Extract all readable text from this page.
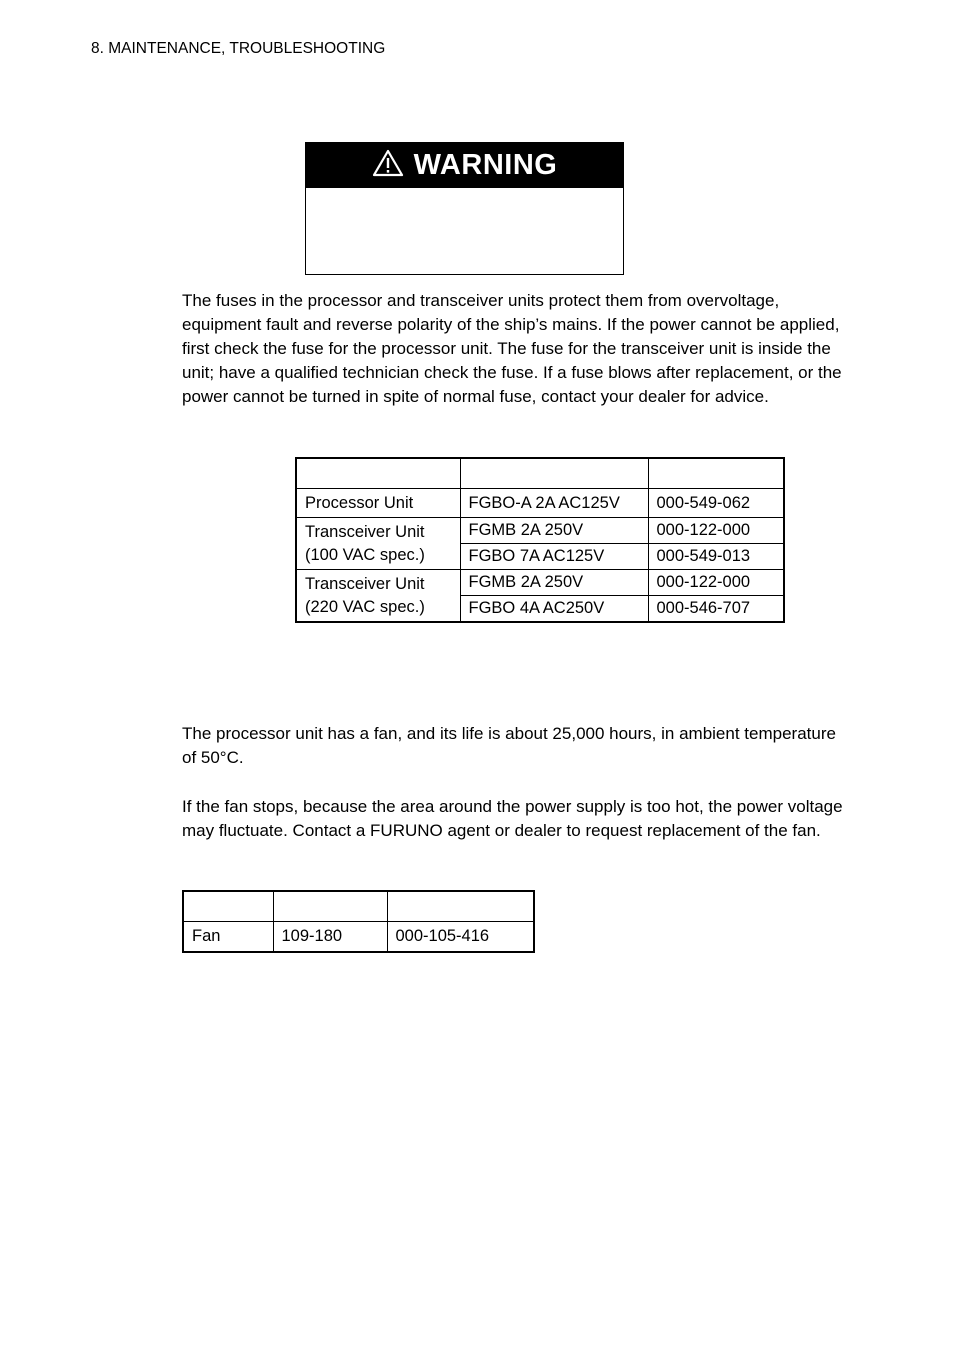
8. MAINTENANCE, TROUBLESHOOTING
WARNING

The fuses in the processor and transceiver units protect them from overvoltage, equipment fault and reverse polarity of the ship’s mains. If the power cannot be applied, first check the fuse for the processor unit. The fuse for the transceiver unit is inside the unit; have a qualified technician check the fuse. If a fuse blows after replacement, or the power cannot be turned in spite of normal fuse, contact your dealer for advice.

Processor Unit	FGBO-A 2A AC125V	000-549-062

Transceiver Unit
(100 VAC spec.)	FGMB 2A 250V	000-122-000
	FGBO 7A AC125V	000-549-013

Transceiver Unit
(220 VAC spec.)	FGMB 2A 250V	000-122-000
	FGBO 4A AC250V	000-546-707

The processor unit has a fan, and its life is about 25,000 hours, in ambient temperature of 50°C.

If the fan stops, because the area around the power supply is too hot, the power voltage may fluctuate. Contact a FURUNO agent or dealer to request replacement of the fan.

Fan	109-180	000-105-416
